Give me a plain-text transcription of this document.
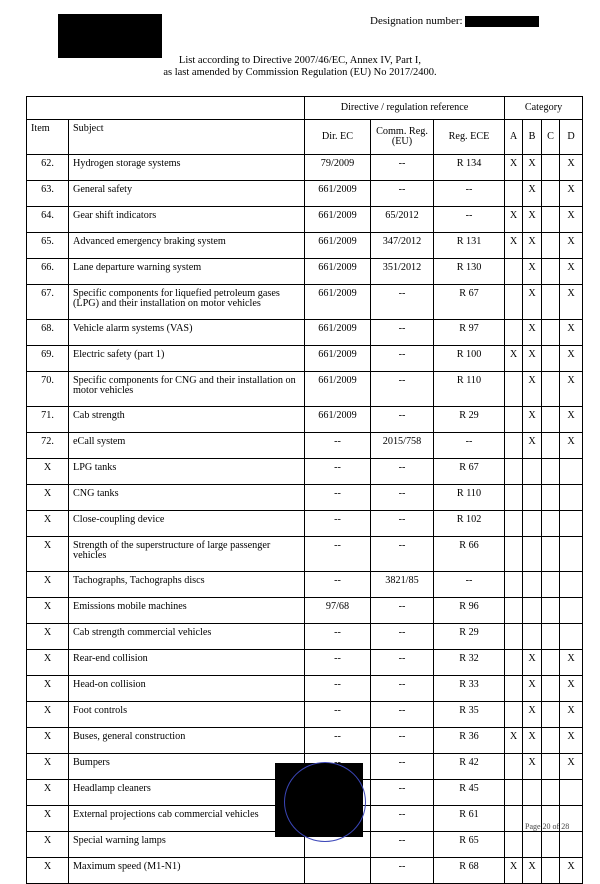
Designation number:
List according to Directive 2007/46/EC, Annex IV, Part I,
as last amended by Commission Regulation (EU) No 2017/2400.
		Directive / regulation reference			Category			
Item	Subject	Dir. EC	Comm. Reg. (EU)	Reg. ECE	A	B	C	D
62.	Hydrogen storage systems	79/2009	--	R 134	X	X		X
63.	General safety	661/2009	--	--		X		X
64.	Gear shift indicators	661/2009	65/2012	--	X	X		X
65.	Advanced emergency braking system	661/2009	347/2012	R 131	X	X		X
66.	Lane departure warning system	661/2009	351/2012	R 130		X		X
67.	Specific components for liquefied petroleum gases (LPG) and their installation on motor vehicles	661/2009	--	R 67		X		X
68.	Vehicle alarm systems (VAS)	661/2009	--	R 97		X		X
69.	Electric safety (part 1)	661/2009	--	R 100	X	X		X
70.	Specific components for CNG and their installation on motor vehicles	661/2009	--	R 110		X		X
71.	Cab strength	661/2009	--	R 29		X		X
72.	eCall system	--	2015/758	--		X		X
X	LPG tanks	--	--	R 67				
X	CNG tanks	--	--	R 110				
X	Close-coupling device	--	--	R 102				
X	Strength of the superstructure of large passenger vehicles	--	--	R 66				
X	Tachographs, Tachographs discs	--	3821/85	--				
X	Emissions mobile machines	97/68	--	R 96				
X	Cab strength commercial vehicles	--	--	R 29				
X	Rear-end collision	--	--	R 32		X		X
X	Head-on collision	--	--	R 33		X		X
X	Foot controls	--	--	R 35		X		X
X	Buses, general construction	--	--	R 36	X	X		X
X	Bumpers		--	R 42		X		X
X	Headlamp cleaners		--	R 45				
X	External projections cab commercial vehicles		--	R 61				
X	Special warning lamps		--	R 65				
X	Maximum speed (M1-N1)		--	R 68	X	X		X
Page 20 of 28
